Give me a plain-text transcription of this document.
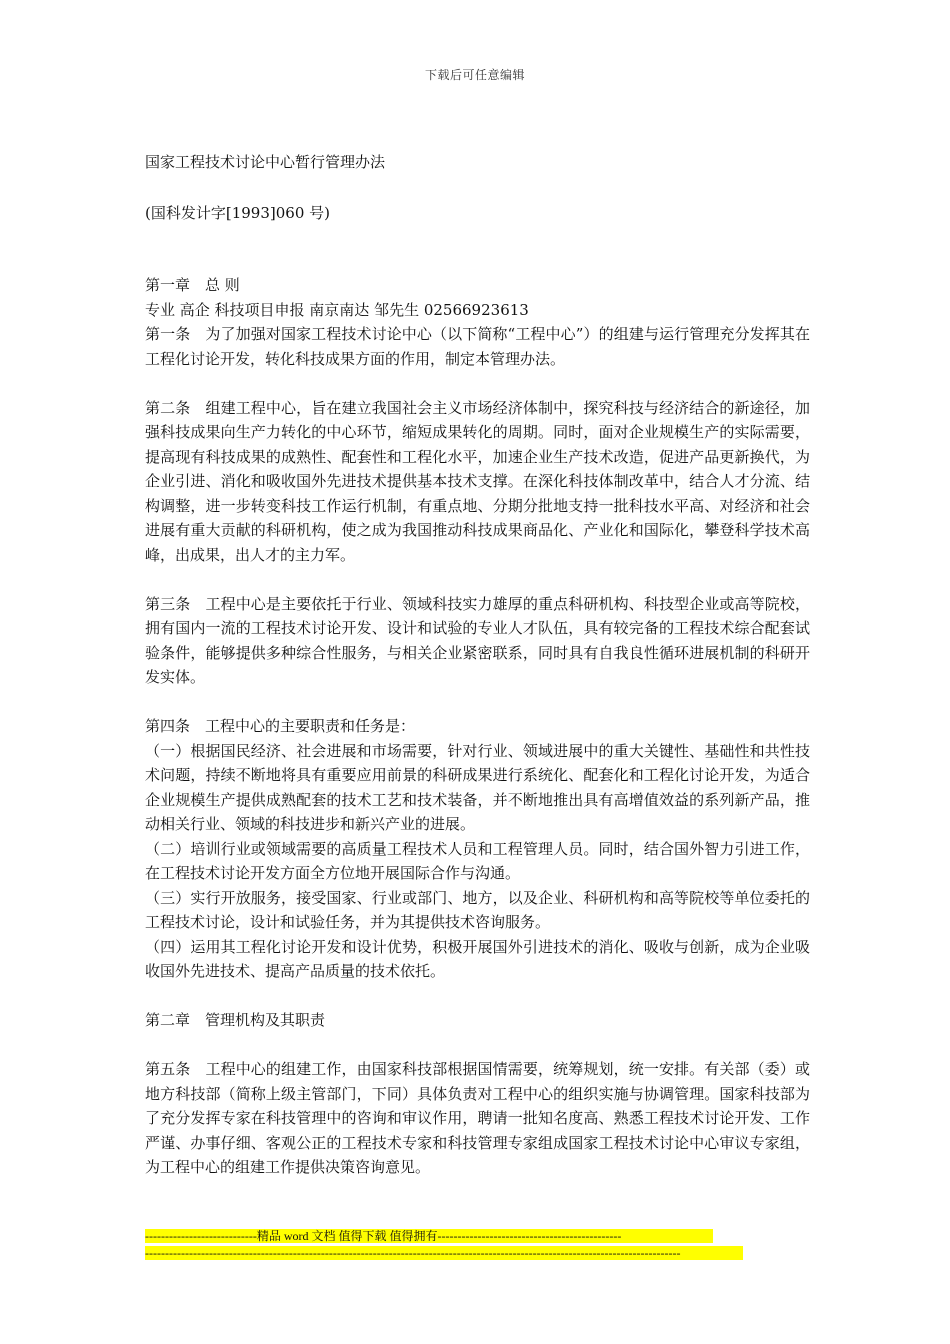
下载后可任意编辑

国家工程技术讨论中心暂行管理办法

(国科发计字[1993]060 号)

第一章　总 则

专业 高企 科技项目申报 南京南达 邹先生 02566923613

第一条　为了加强对国家工程技术讨论中心（以下简称“工程中心”）的组建与运行管理充分发挥其在工程化讨论开发，转化科技成果方面的作用，制定本管理办法。

第二条　组建工程中心，旨在建立我国社会主义市场经济体制中，探究科技与经济结合的新途径，加强科技成果向生产力转化的中心环节，缩短成果转化的周期。同时，面对企业规模生产的实际需要，提高现有科技成果的成熟性、配套性和工程化水平，加速企业生产技术改造，促进产品更新换代，为企业引进、消化和吸收国外先进技术提供基本技术支撑。在深化科技体制改革中，结合人才分流、结构调整，进一步转变科技工作运行机制，有重点地、分期分批地支持一批科技水平高、对经济和社会进展有重大贡献的科研机构，使之成为我国推动科技成果商品化、产业化和国际化，攀登科学技术高峰，出成果，出人才的主力军。

第三条　工程中心是主要依托于行业、领域科技实力雄厚的重点科研机构、科技型企业或高等院校，拥有国内一流的工程技术讨论开发、设计和试验的专业人才队伍，具有较完备的工程技术综合配套试验条件，能够提供多种综合性服务，与相关企业紧密联系，同时具有自我良性循环进展机制的科研开发实体。

第四条　工程中心的主要职责和任务是：

（一）根据国民经济、社会进展和市场需要，针对行业、领域进展中的重大关键性、基础性和共性技术问题，持续不断地将具有重要应用前景的科研成果进行系统化、配套化和工程化讨论开发，为适合企业规模生产提供成熟配套的技术工艺和技术装备，并不断地推出具有高增值效益的系列新产品，推动相关行业、领域的科技进步和新兴产业的进展。

（二）培训行业或领域需要的高质量工程技术人员和工程管理人员。同时，结合国外智力引进工作，在工程技术讨论开发方面全方位地开展国际合作与沟通。

（三）实行开放服务，接受国家、行业或部门、地方，以及企业、科研机构和高等院校等单位委托的工程技术讨论，设计和试验任务，并为其提供技术咨询服务。

（四）运用其工程化讨论开发和设计优势，积极开展国外引进技术的消化、吸收与创新，成为企业吸收国外先进技术、提高产品质量的技术依托。

第二章　管理机构及其职责

第五条　工程中心的组建工作，由国家科技部根据国情需要，统筹规划，统一安排。有关部（委）或地方科技部（简称上级主管部门，下同）具体负责对工程中心的组织实施与协调管理。国家科技部为了充分发挥专家在科技管理中的咨询和审议作用，聘请一批知名度高、熟悉工程技术讨论开发、工作严谨、办事仔细、客观公正的工程技术专家和科技管理专家组成国家工程技术讨论中心审议专家组，为工程中心的组建工作提供决策咨询意见。

----------------------------精品 word 文档 值得下载 值得拥有----------------------------------------------
--------------------------------------------------------------------------------------------------------------------------------------
